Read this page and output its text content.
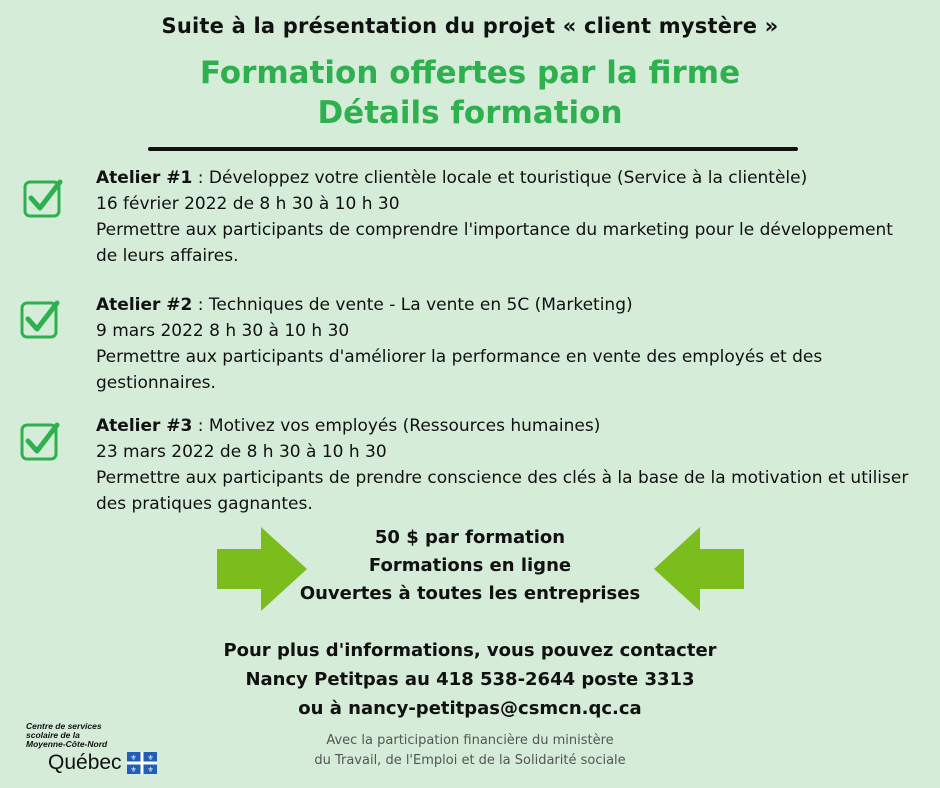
Suite à la présentation du projet « client mystère »
Formation offertes par la firme
Détails formation
Atelier #1 : Développez votre clientèle locale et touristique (Service à la clientèle)
16 février 2022 de 8 h 30 à 10 h 30
Permettre aux participants de comprendre l'importance du marketing pour le développement de leurs affaires.
Atelier #2 : Techniques de vente - La vente en 5C (Marketing)
9 mars 2022 8 h 30 à 10 h 30
Permettre aux participants d'améliorer la performance en vente des employés et des gestionnaires.
Atelier #3 : Motivez vos employés (Ressources humaines)
23 mars 2022 de 8 h 30 à 10 h 30
Permettre aux participants de prendre conscience des clés à la base de la motivation et utiliser des pratiques gagnantes.
50 $ par formation
Formations en ligne
Ouvertes à toutes les entreprises
Pour plus d'informations, vous pouvez contacter
Nancy Petitpas au 418 538-2644 poste 3313
ou à nancy-petitpas@csmcn.qc.ca
Avec la participation financière du ministère
du Travail, de l'Emploi et de la Solidarité sociale
Centre de services
scolaire de la
Moyenne-Côte-Nord
Québec ⚜ ⚜
⚜ ⚜
